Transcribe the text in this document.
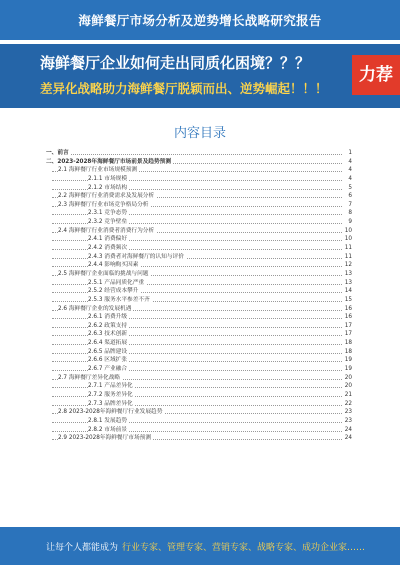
海鲜餐厅市场分析及逆势增长战略研究报告
海鲜餐厅企业如何走出同质化困境？？？
差异化战略助力海鲜餐厅脱颖而出、逆势崛起！！！
力荐
内容目录
一、前言	1
二、2023-2028年海鲜餐厅市场前景及趋势预测	4
2.1 海鲜餐厅行业市场规模预测	4
2.1.1 市场规模	4
2.1.2 市场结构	5
2.2 海鲜餐厅行业消费需求及发展分析	6
2.3 海鲜餐厅行业市场竞争格局分析	7
2.3.1 竞争态势	8
2.3.2 竞争壁垒	9
2.4 海鲜餐厅行业消费者消费行为分析	10
2.4.1 消费偏好	10
2.4.2 消费频次	11
2.4.3 消费者对海鲜餐厅的认知与评价	11
2.4.4 影响购买因素	12
2.5 海鲜餐厅企业面临的挑战与问题	13
2.5.1 产品同质化严重	13
2.5.2 经营成本攀升	14
2.5.3 服务水平参差不齐	15
2.6 海鲜餐厅企业的发展机遇	16
2.6.1 消费升级	16
2.6.2 政策支持	17
2.6.3 技术创新	17
2.6.4 渠道拓展	18
2.6.5 品牌建设	18
2.6.6 区域扩张	19
2.6.7 产业融合	19
2.7 海鲜餐厅差异化战略	20
2.7.1 产品差异化	20
2.7.2 服务差异化	21
2.7.3 品牌差异化	22
2.8 2023-2028年海鲜餐厅行业发展趋势	23
2.8.1 发展趋势	23
2.8.2 市场前景	24
2.9 2023-2028年海鲜餐厅市场预测	24
让每个人都能成为 行业专家、管理专家、营销专家、战略专家、成功企业家……
